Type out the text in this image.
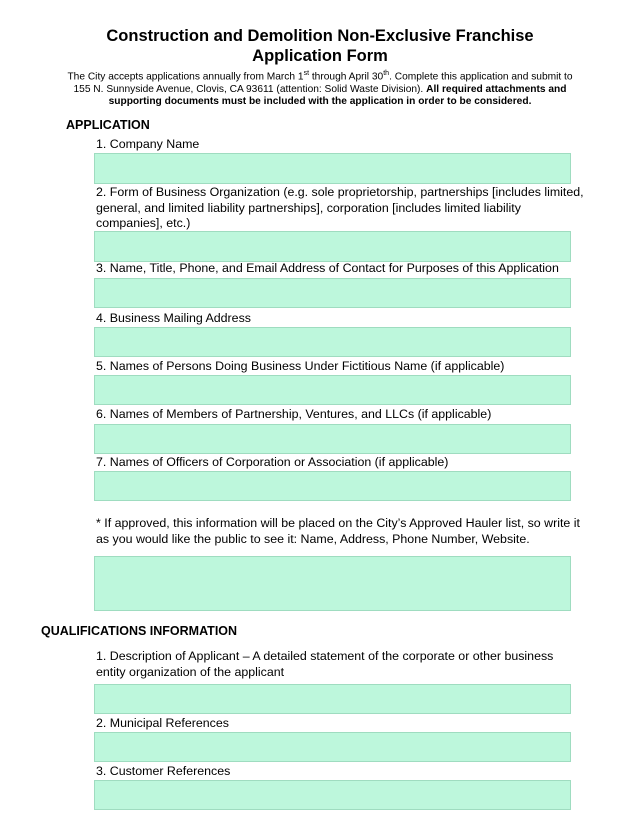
Construction and Demolition Non-Exclusive Franchise
Application Form
The City accepts applications annually from March 1st through April 30th. Complete this application and submit to 155 N. Sunnyside Avenue, Clovis, CA 93611 (attention: Solid Waste Division). All required attachments and supporting documents must be included with the application in order to be considered.
APPLICATION
1. Company Name
2. Form of Business Organization (e.g. sole proprietorship, partnerships [includes limited, general, and limited liability partnerships], corporation [includes limited liability companies], etc.)
3. Name, Title, Phone, and Email Address of Contact for Purposes of this Application
4. Business Mailing Address
5. Names of Persons Doing Business Under Fictitious Name (if applicable)
6. Names of Members of Partnership, Ventures, and LLCs (if applicable)
7. Names of Officers of Corporation or Association (if applicable)
* If approved, this information will be placed on the City’s Approved Hauler list, so write it as you would like the public to see it: Name, Address, Phone Number, Website.
QUALIFICATIONS INFORMATION
1. Description of Applicant – A detailed statement of the corporate or other business entity organization of the applicant
2. Municipal References
3. Customer References
